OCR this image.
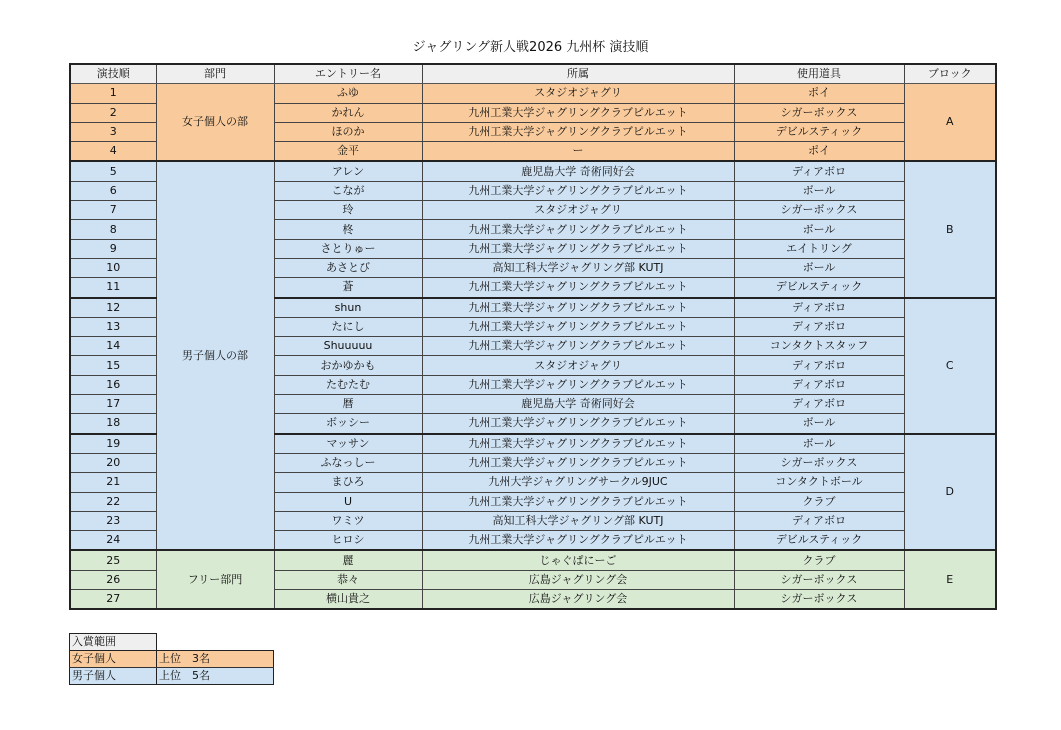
ジャグリング新人戦2026 九州杯 演技順
演技順	部門	エントリー名	所属	使用道具	ブロック
1	女子個人の部	ふゆ	スタジオジャグリ	ポイ	A
2		かれん	九州工業大学ジャグリングクラブピルエット	シガーボックス	
3		ほのか	九州工業大学ジャグリングクラブピルエット	デビルスティック	
4		金平	ー	ポイ	
5	男子個人の部	アレン	鹿児島大学 奇術同好会	ディアボロ	B
6		こなが	九州工業大学ジャグリングクラブピルエット	ボール	
7		玲	スタジオジャグリ	シガーボックス	
8		柊	九州工業大学ジャグリングクラブピルエット	ボール	
9		さとりゅー	九州工業大学ジャグリングクラブピルエット	エイトリング	
10		あさとび	高知工科大学ジャグリング部 KUTJ	ボール	
11		蒼	九州工業大学ジャグリングクラブピルエット	デビルスティック	
12		shun	九州工業大学ジャグリングクラブピルエット	ディアボロ	C
13		たにし	九州工業大学ジャグリングクラブピルエット	ディアボロ	
14		Shuuuuu	九州工業大学ジャグリングクラブピルエット	コンタクトスタッフ	
15		おかゆかも	スタジオジャグリ	ディアボロ	
16		たむたむ	九州工業大学ジャグリングクラブピルエット	ディアボロ	
17		暦	鹿児島大学 奇術同好会	ディアボロ	
18		ボッシー	九州工業大学ジャグリングクラブピルエット	ボール	
19		マッサン	九州工業大学ジャグリングクラブピルエット	ボール	D
20		ふなっしー	九州工業大学ジャグリングクラブピルエット	シガーボックス	
21		まひろ	九州大学ジャグリングサークル9JUC	コンタクトボール	
22		U	九州工業大学ジャグリングクラブピルエット	クラブ	
23		ワミツ	高知工科大学ジャグリング部 KUTJ	ディアボロ	
24		ヒロシ	九州工業大学ジャグリングクラブピルエット	デビルスティック	
25	フリー部門	麗	じゃぐぱにーご	クラブ	E
26		恭々	広島ジャグリング会	シガーボックス	
27		横山貴之	広島ジャグリング会	シガーボックス	
入賞範囲	
女子個人	上位　3名
男子個人	上位　5名
